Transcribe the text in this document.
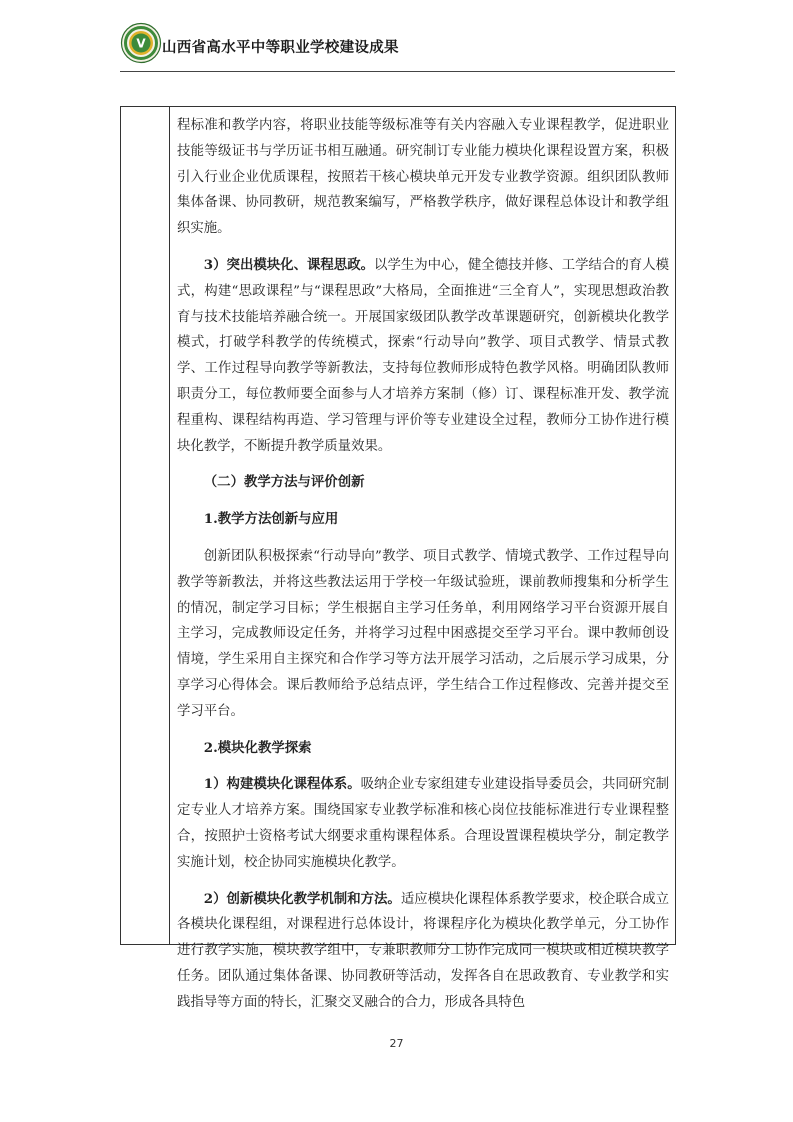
V 山西省高水平中等职业学校建设成果

程标准和教学内容，将职业技能等级标准等有关内容融入专业课程教学，促进职业技能等级证书与学历证书相互融通。研究制订专业能力模块化课程设置方案，积极引入行业企业优质课程，按照若干核心模块单元开发专业教学资源。组织团队教师集体备课、协同教研，规范教案编写，严格教学秩序，做好课程总体设计和教学组织实施。

3）突出模块化、课程思政。以学生为中心，健全德技并修、工学结合的育人模式，构建“思政课程”与“课程思政”大格局，全面推进“三全育人”，实现思想政治教育与技术技能培养融合统一。开展国家级团队教学改革课题研究，创新模块化教学模式，打破学科教学的传统模式，探索“行动导向”教学、项目式教学、情景式教学、工作过程导向教学等新教法，支持每位教师形成特色教学风格。明确团队教师职责分工，每位教师要全面参与人才培养方案制（修）订、课程标准开发、教学流程重构、课程结构再造、学习管理与评价等专业建设全过程，教师分工协作进行模块化教学，不断提升教学质量效果。

（二）教学方法与评价创新

1.教学方法创新与应用

创新团队积极探索“行动导向”教学、项目式教学、情境式教学、工作过程导向教学等新教法，并将这些教法运用于学校一年级试验班，课前教师搜集和分析学生的情况，制定学习目标；学生根据自主学习任务单，利用网络学习平台资源开展自主学习，完成教师设定任务，并将学习过程中困惑提交至学习平台。课中教师创设情境，学生采用自主探究和合作学习等方法开展学习活动，之后展示学习成果，分享学习心得体会。课后教师给予总结点评，学生结合工作过程修改、完善并提交至学习平台。

2.模块化教学探索

1）构建模块化课程体系。吸纳企业专家组建专业建设指导委员会，共同研究制定专业人才培养方案。围绕国家专业教学标准和核心岗位技能标准进行专业课程整合，按照护士资格考试大纲要求重构课程体系。合理设置课程模块学分，制定教学实施计划，校企协同实施模块化教学。

2）创新模块化教学机制和方法。适应模块化课程体系教学要求，校企联合成立各模块化课程组，对课程进行总体设计，将课程序化为模块化教学单元，分工协作进行教学实施，模块教学组中，专兼职教师分工协作完成同一模块或相近模块教学任务。团队通过集体备课、协同教研等活动，发挥各自在思政教育、专业教学和实践指导等方面的特长，汇聚交叉融合的合力，形成各具特色

27
